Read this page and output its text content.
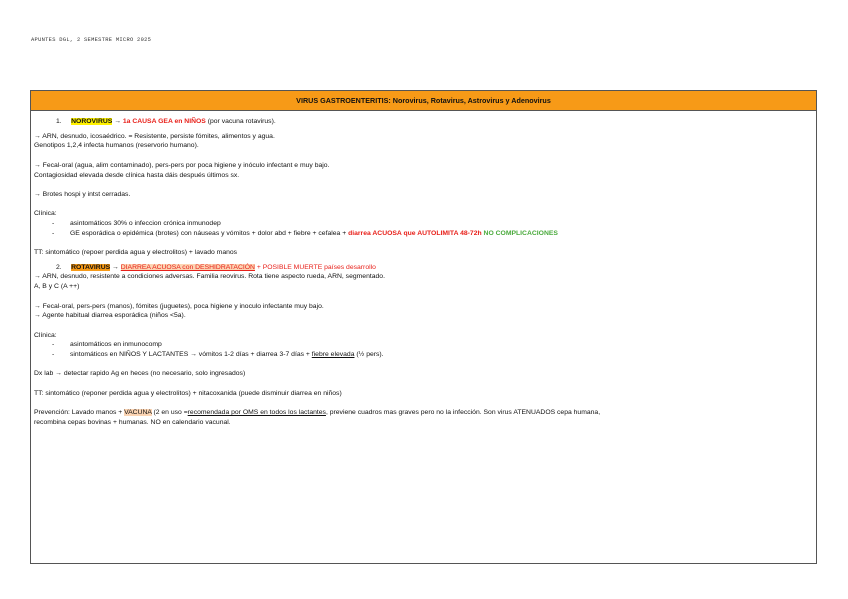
APUNTES DGL, 2 SEMESTRE MICRO 2025
VIRUS GASTROENTERITIS: Norovirus, Rotavirus, Astrovirus y Adenovirus
1. NOROVIRUS → 1a CAUSA GEA en NIÑOS (por vacuna rotavirus).
→ ARN, desnudo, icosaédrico. = Resistente, persiste fómites, alimentos y agua.
Genotipos 1,2,4 infecta humanos (reservorio humano).
→ Fecal-oral (agua, alim contaminado), pers-pers por poca higiene y inóculo infectant e muy bajo.
Contagiosidad elevada desde clínica hasta dáis después últimos sx.
→ Brotes hospi y intst cerradas.
Clínica:
-	asintomáticos 30% o infeccion crónica inmunodep
-	GE esporádica o epidémica (brotes) con náuseas y vómitos + dolor abd + fiebre + cefalea + diarrea ACUOSA que AUTOLIMITA 48-72h NO COMPLICACIONES
TT: sintomático (repoer perdida agua y electrolitos) + lavado manos
2. ROTAVIRUS → DIARREA ACUOSA con DESHIDRATACIÓN + POSIBLE MUERTE países desarrollo
→ ARN, desnudo, resistente a condiciones adversas. Familia reovirus. Rota tiene aspecto rueda, ARN, segmentado.
A, B y C (A ++)
→ Fecal-oral, pers-pers (manos), fómites (juguetes), poca higiene y inoculo infectante muy bajo.
→ Agente habitual diarrea esporádica (niños <5a).
Clínica:
-	asintomáticos en inmunocomp
-	sintomáticos en NIÑOS Y LACTANTES → vómitos 1-2 días + diarrea 3-7 días + fiebre elevada (½ pers).
Dx lab → detectar rapido Ag en heces (no necesario, solo ingresados)
TT: sintomático (reponer perdida agua y electrolitos) + nitacoxanida (puede disminuir diarrea en niños)
Prevención: Lavado manos + VACUNA (2 en uso =recomendada por OMS en todos los lactantes, previene cuadros mas graves pero no la infección. Son virus ATENUADOS cepa humana,
recombina cepas bovinas + humanas. NO en calendario vacunal.
